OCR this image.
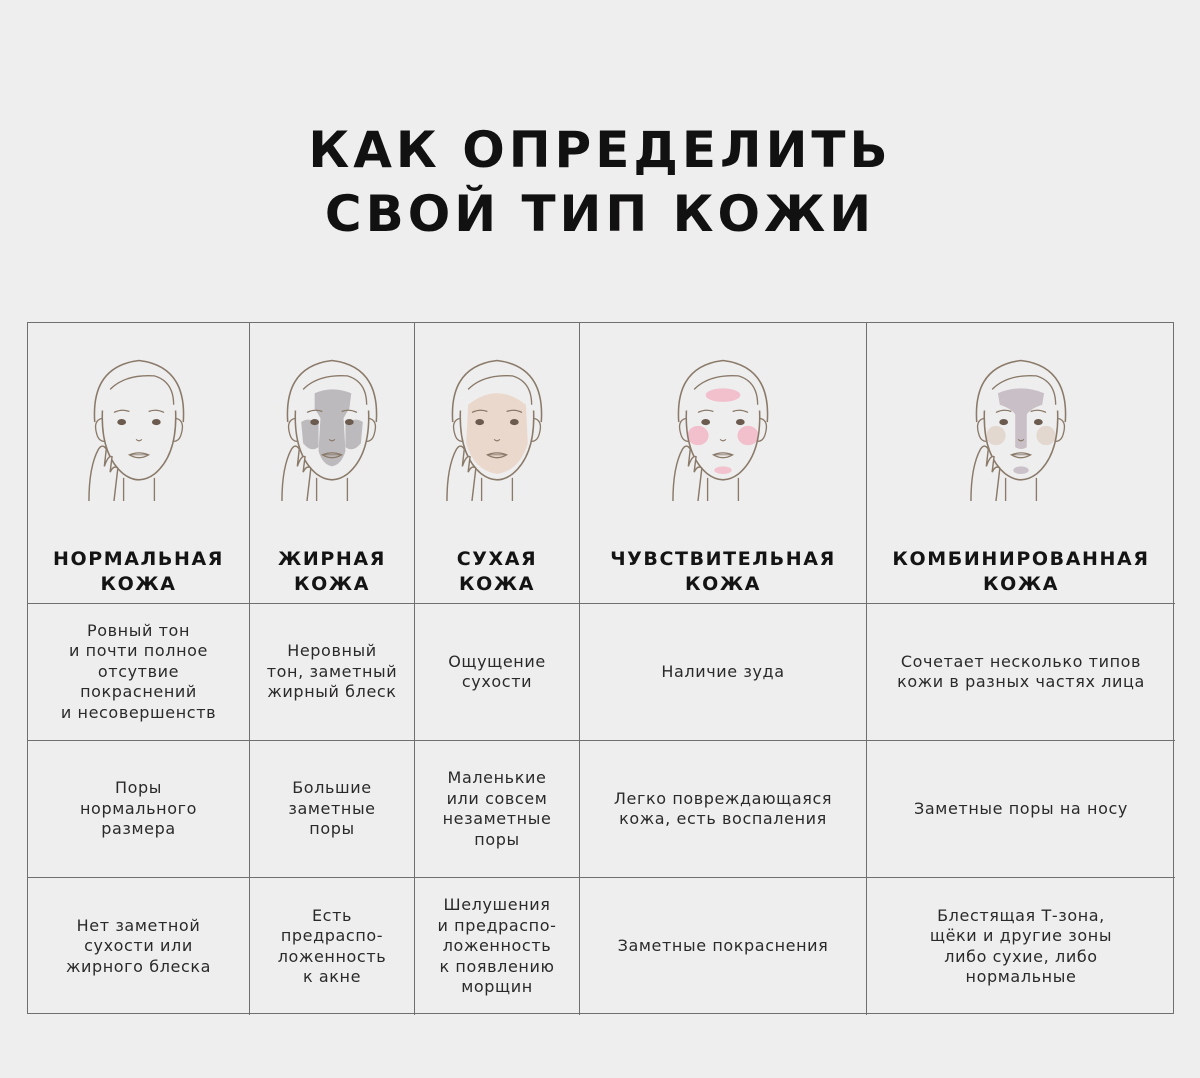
КАК ОПРЕДЕЛИТЬ
СВОЙ ТИП КОЖИ
НОРМАЛЬНАЯ
КОЖА
ЖИРНАЯ
КОЖА
СУХАЯ
КОЖА
ЧУВСТВИТЕЛЬНАЯ
КОЖА
КОМБИНИРОВАННАЯ
КОЖА
Ровный тон
и почти полное
отсутвие
покраснений
и несовершенств
Неровный
тон, заметный
жирный блеск
Ощущение
сухости
Наличие зуда
Сочетает несколько типов
кожи в разных частях лица
Поры
нормального
размера
Большие
заметные
поры
Маленькие
или совсем
незаметные
поры
Легко повреждающаяся
кожа, есть воспаления
Заметные поры на носу
Нет заметной
сухости или
жирного блеска
Есть
предраспо-
ложенность
к акне
Шелушения
и предраспо-
ложенность
к появлению
морщин
Заметные покраснения
Блестящая Т-зона,
щёки и другие зоны
либо сухие, либо
нормальные
